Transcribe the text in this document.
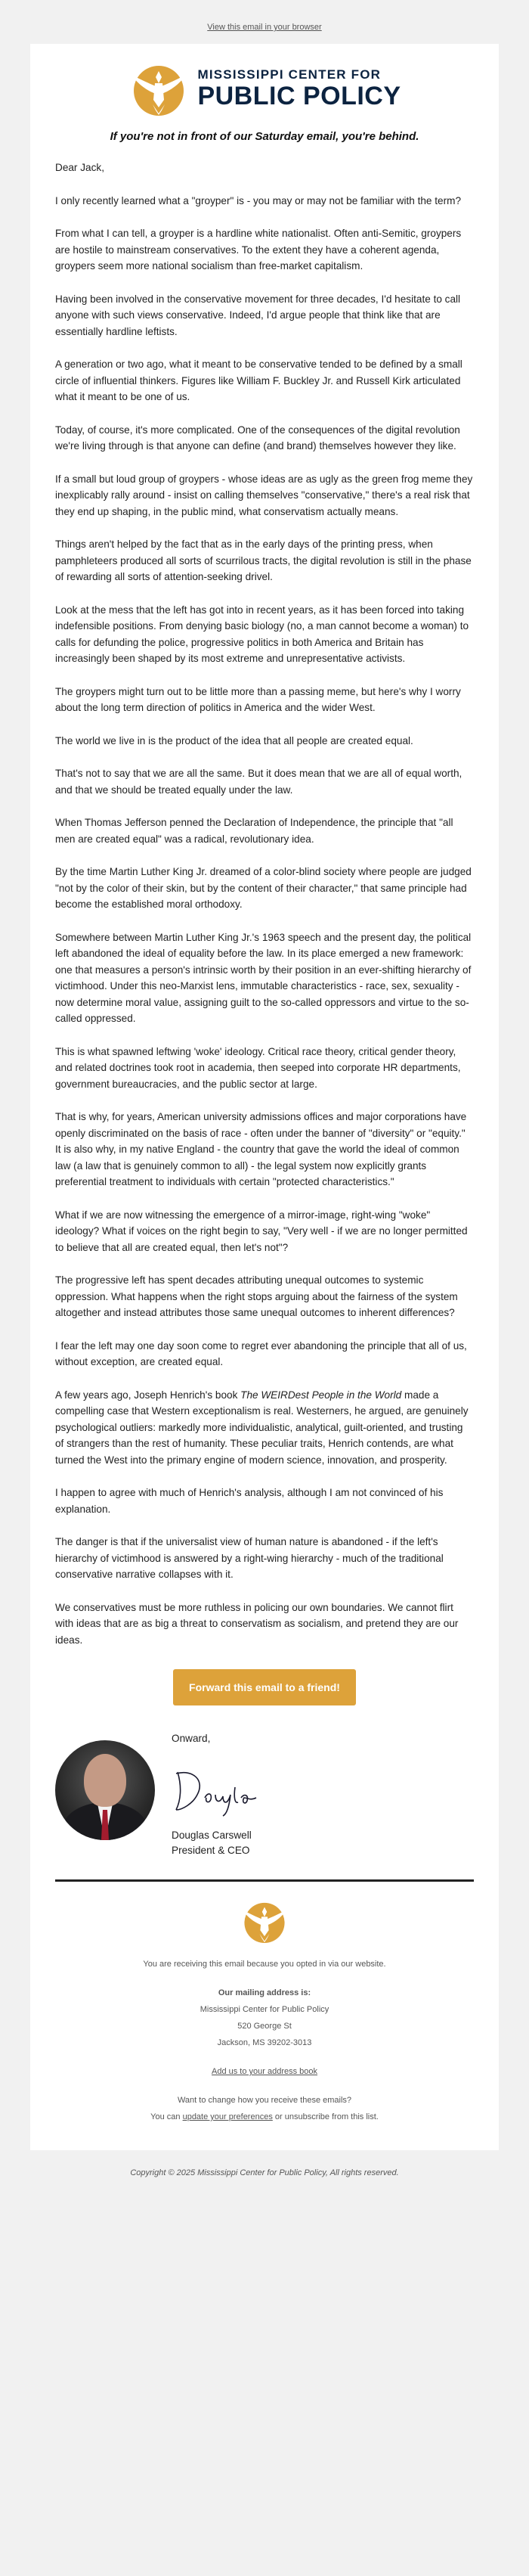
View this email in your browser
MISSISSIPPI CENTER FOR
PUBLIC POLICY
If you're not in front of our Saturday email, you're behind.

Dear Jack,

I only recently learned what a "groyper" is - you may or may not be familiar with the term?

From what I can tell, a groyper is a hardline white nationalist. Often anti-Semitic, groypers are hostile to mainstream conservatives. To the extent they have a coherent agenda, groypers seem more national socialism than free-market capitalism.

Having been involved in the conservative movement for three decades, I'd hesitate to call anyone with such views conservative. Indeed, I'd argue people that think like that are essentially hardline leftists.

A generation or two ago, what it meant to be conservative tended to be defined by a small circle of influential thinkers. Figures like William F. Buckley Jr. and Russell Kirk articulated what it meant to be one of us.

Today, of course, it's more complicated. One of the consequences of the digital revolution we're living through is that anyone can define (and brand) themselves however they like.

If a small but loud group of groypers - whose ideas are as ugly as the green frog meme they inexplicably rally around - insist on calling themselves "conservative," there's a real risk that they end up shaping, in the public mind, what conservatism actually means.

Things aren't helped by the fact that as in the early days of the printing press, when pamphleteers produced all sorts of scurrilous tracts, the digital revolution is still in the phase of rewarding all sorts of attention-seeking drivel.

Look at the mess that the left has got into in recent years, as it has been forced into taking indefensible positions. From denying basic biology (no, a man cannot become a woman) to calls for defunding the police, progressive politics in both America and Britain has increasingly been shaped by its most extreme and unrepresentative activists.

The groypers might turn out to be little more than a passing meme, but here's why I worry about the long term direction of politics in America and the wider West.

The world we live in is the product of the idea that all people are created equal.

That's not to say that we are all the same. But it does mean that we are all of equal worth, and that we should be treated equally under the law.

When Thomas Jefferson penned the Declaration of Independence, the principle that "all men are created equal" was a radical, revolutionary idea.

By the time Martin Luther King Jr. dreamed of a color-blind society where people are judged "not by the color of their skin, but by the content of their character," that same principle had become the established moral orthodoxy.

Somewhere between Martin Luther King Jr.'s 1963 speech and the present day, the political left abandoned the ideal of equality before the law. In its place emerged a new framework: one that measures a person's intrinsic worth by their position in an ever-shifting hierarchy of victimhood. Under this neo-Marxist lens, immutable characteristics - race, sex, sexuality - now determine moral value, assigning guilt to the so-called oppressors and virtue to the so-called oppressed.

This is what spawned leftwing 'woke' ideology. Critical race theory, critical gender theory, and related doctrines took root in academia, then seeped into corporate HR departments, government bureaucracies, and the public sector at large.

That is why, for years, American university admissions offices and major corporations have openly discriminated on the basis of race - often under the banner of "diversity" or "equity." It is also why, in my native England - the country that gave the world the ideal of common law (a law that is genuinely common to all) - the legal system now explicitly grants preferential treatment to individuals with certain "protected characteristics."

What if we are now witnessing the emergence of a mirror-image, right-wing "woke" ideology? What if voices on the right begin to say, "Very well - if we are no longer permitted to believe that all are created equal, then let's not"?

The progressive left has spent decades attributing unequal outcomes to systemic oppression. What happens when the right stops arguing about the fairness of the system altogether and instead attributes those same unequal outcomes to inherent differences?

I fear the left may one day soon come to regret ever abandoning the principle that all of us, without exception, are created equal.

A few years ago, Joseph Henrich's book The WEIRDest People in the World made a compelling case that Western exceptionalism is real. Westerners, he argued, are genuinely psychological outliers: markedly more individualistic, analytical, guilt-oriented, and trusting of strangers than the rest of humanity. These peculiar traits, Henrich contends, are what turned the West into the primary engine of modern science, innovation, and prosperity.

I happen to agree with much of Henrich's analysis, although I am not convinced of his explanation.

The danger is that if the universalist view of human nature is abandoned - if the left's hierarchy of victimhood is answered by a right-wing hierarchy - much of the traditional conservative narrative collapses with it.

We conservatives must be more ruthless in policing our own boundaries. We cannot flirt with ideas that are as big a threat to conservatism as socialism, and pretend they are our ideas.

Forward this email to a friend!

Onward,

Douglas Carswell

President & CEO

You are receiving this email because you opted in via our website.

Our mailing address is:

Mississippi Center for Public Policy

520 George St

Jackson, MS 39202-3013

Add us to your address book

Want to change how you receive these emails?

You can update your preferences or unsubscribe from this list.

Copyright © 2025 Mississippi Center for Public Policy, All rights reserved.
